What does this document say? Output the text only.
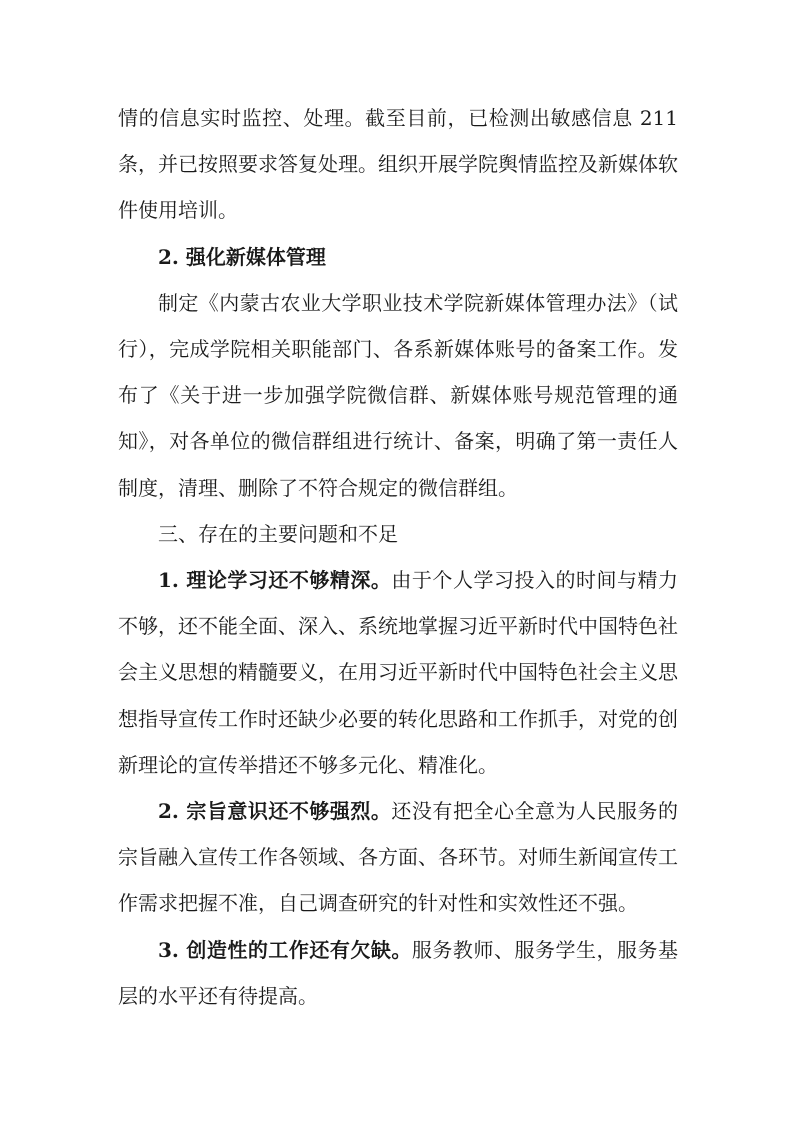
情的信息实时监控、处理。截至目前，已检测出敏感信息 211 条，并已按照要求答复处理。组织开展学院舆情监控及新媒体软件使用培训。

2. 强化新媒体管理

制定《内蒙古农业大学职业技术学院新媒体管理办法》（试行），完成学院相关职能部门、各系新媒体账号的备案工作。发布了《关于进一步加强学院微信群、新媒体账号规范管理的通知》，对各单位的微信群组进行统计、备案，明确了第一责任人制度，清理、删除了不符合规定的微信群组。

三、存在的主要问题和不足

1. 理论学习还不够精深。由于个人学习投入的时间与精力不够，还不能全面、深入、系统地掌握习近平新时代中国特色社会主义思想的精髓要义，在用习近平新时代中国特色社会主义思想指导宣传工作时还缺少必要的转化思路和工作抓手，对党的创新理论的宣传举措还不够多元化、精准化。

2. 宗旨意识还不够强烈。还没有把全心全意为人民服务的宗旨融入宣传工作各领域、各方面、各环节。对师生新闻宣传工作需求把握不准，自己调查研究的针对性和实效性还不强。

3. 创造性的工作还有欠缺。服务教师、服务学生，服务基层的水平还有待提高。
